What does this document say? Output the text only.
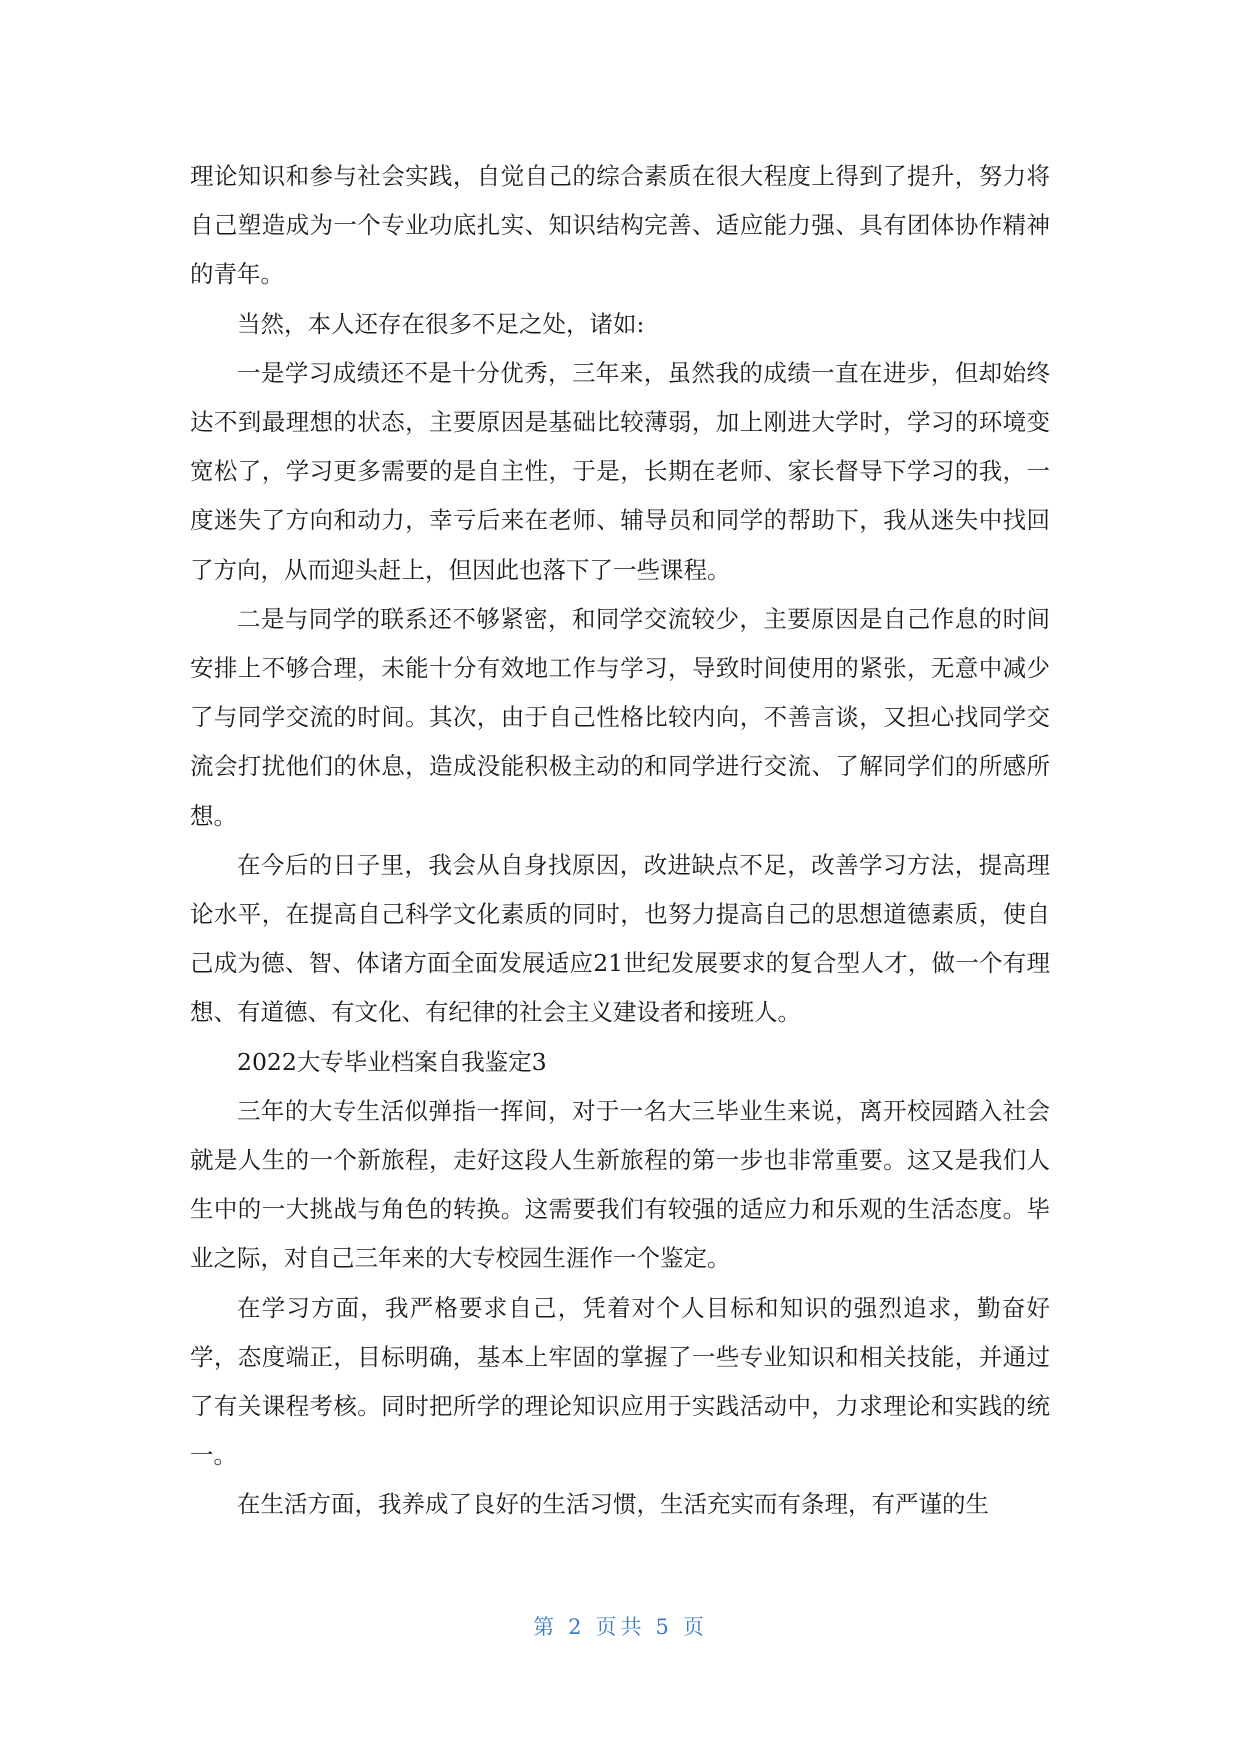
理论知识和参与社会实践，自觉自己的综合素质在很大程度上得到了提升，努力将自己塑造成为一个专业功底扎实、知识结构完善、适应能力强、具有团体协作精神的青年。

当然，本人还存在很多不足之处，诸如:

一是学习成绩还不是十分优秀，三年来，虽然我的成绩一直在进步，但却始终达不到最理想的状态，主要原因是基础比较薄弱，加上刚进大学时，学习的环境变宽松了，学习更多需要的是自主性，于是，长期在老师、家长督导下学习的我，一度迷失了方向和动力，幸亏后来在老师、辅导员和同学的帮助下，我从迷失中找回了方向，从而迎头赶上，但因此也落下了一些课程。

二是与同学的联系还不够紧密，和同学交流较少，主要原因是自己作息的时间安排上不够合理，未能十分有效地工作与学习，导致时间使用的紧张，无意中减少了与同学交流的时间。其次，由于自己性格比较内向，不善言谈，又担心找同学交流会打扰他们的休息，造成没能积极主动的和同学进行交流、了解同学们的所感所想。

在今后的日子里，我会从自身找原因，改进缺点不足，改善学习方法，提高理论水平，在提高自己科学文化素质的同时，也努力提高自己的思想道德素质，使自己成为德、智、体诸方面全面发展适应21世纪发展要求的复合型人才，做一个有理想、有道德、有文化、有纪律的社会主义建设者和接班人。

2022大专毕业档案自我鉴定3

三年的大专生活似弹指一挥间，对于一名大三毕业生来说，离开校园踏入社会就是人生的一个新旅程，走好这段人生新旅程的第一步也非常重要。这又是我们人生中的一大挑战与角色的转换。这需要我们有较强的适应力和乐观的生活态度。毕业之际，对自己三年来的大专校园生涯作一个鉴定。

在学习方面，我严格要求自己，凭着对个人目标和知识的强烈追求，勤奋好学，态度端正，目标明确，基本上牢固的掌握了一些专业知识和相关技能，并通过了有关课程考核。同时把所学的理论知识应用于实践活动中，力求理论和实践的统一。

在生活方面，我养成了良好的生活习惯，生活充实而有条理，有严谨的生

第 2 页共 5 页
